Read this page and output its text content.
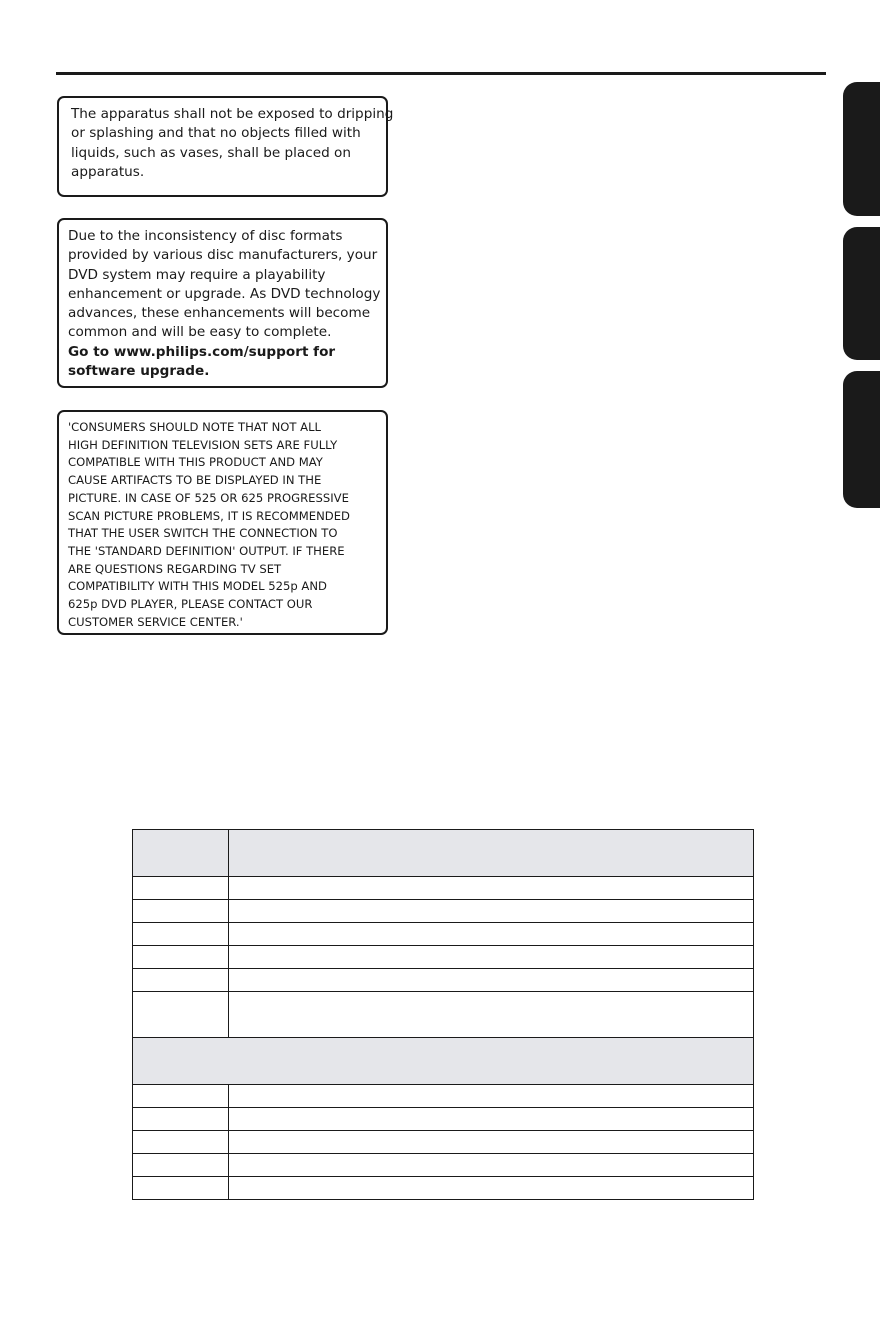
The apparatus shall not be exposed to dripping
or splashing and that no objects filled with
liquids, such as vases, shall be placed on
apparatus.
Due to the inconsistency of disc formats
provided by various disc manufacturers, your
DVD system may require a playability
enhancement or upgrade. As DVD technology
advances, these enhancements will become
common and will be easy to complete.
Go to www.philips.com/support for
software upgrade.
'CONSUMERS SHOULD NOTE THAT NOT ALL
HIGH DEFINITION TELEVISION SETS ARE FULLY
COMPATIBLE WITH THIS PRODUCT AND MAY
CAUSE ARTIFACTS TO BE DISPLAYED IN THE
PICTURE. IN CASE OF 525 OR 625 PROGRESSIVE
SCAN PICTURE PROBLEMS, IT IS RECOMMENDED
THAT THE USER SWITCH THE CONNECTION TO
THE 'STANDARD DEFINITION' OUTPUT. IF THERE
ARE QUESTIONS REGARDING TV SET
COMPATIBILITY WITH THIS MODEL 525p AND
625p DVD PLAYER, PLEASE CONTACT OUR
CUSTOMER SERVICE CENTER.'
